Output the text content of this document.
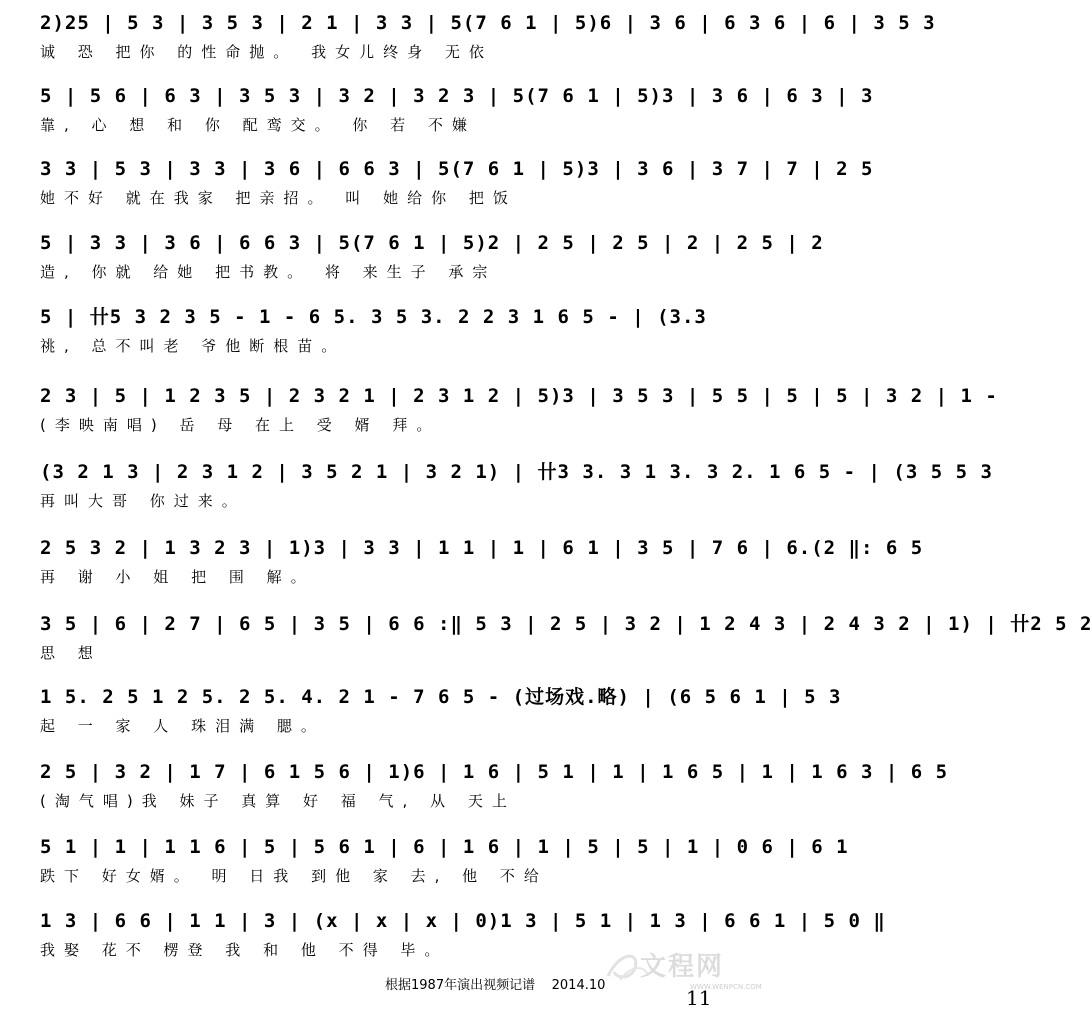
2)25 | 5 3 | 3 5 3 | 2 1 | 3 3 | 5(7 6 1 | 5)6 | 3 6 | 6 3 6 | 6 | 3 5 3
诚 恐 把你 的性命抛。 我女儿终身 无依
5 | 5 6 | 6 3 | 3 5 3 | 3 2 | 3 2 3 | 5(7 6 1 | 5)3 | 3 6 | 6 3 | 3
靠, 心 想 和 你 配鸾交。 你 若 不嫌
3 3 | 5 3 | 3 3 | 3 6 | 6 6 3 | 5(7 6 1 | 5)3 | 3 6 | 3 7 | 7 | 2 5
她不好 就在我家 把亲招。 叫 她给你 把饭
5 | 3 3 | 3 6 | 6 6 3 | 5(7 6 1 | 5)2 | 2 5 | 2 5 | 2 | 2 5 | 2
造, 你就 给她 把书教。 将 来生子 承宗
5 | 卄5 3 2 3 5 - 1 - 6 5. 3 5 3. 2 2 3 1 6 5 - | (3.3
祧, 总不叫老 爷他断根苗。
2 3 | 5 | 1 2 3 5 | 2 3 2 1 | 2 3 1 2 | 5)3 | 3 5 3 | 5 5 | 5 | 5 | 3 2 | 1 -
(李映南唱) 岳 母 在上 受 婿 拜。
(3 2 1 3 | 2 3 1 2 | 3 5 2 1 | 3 2 1) | 卄3 3. 3 1 3. 3 2. 1 6 5 - | (3 5 5 3
再叫大哥 你过来。
2 5 3 2 | 1 3 2 3 | 1)3 | 3 3 | 1 1 | 1 | 6 1 | 3 5 | 7 6 | 6.(2 ‖: 6 5
再 谢 小 姐 把 围 解。
3 5 | 6 | 2 7 | 6 5 | 3 5 | 6 6 :‖ 5 3 | 2 5 | 3 2 | 1 2 4 3 | 2 4 3 2 | 1) | 卄2 5 2
思 想
1 5. 2 5 1 2 5. 2 5. 4. 2 1 - 7 6 5 - (过场戏.略) | (6 5 6 1 | 5 3
起 一 家 人 珠泪满 腮。
2 5 | 3 2 | 1 7 | 6 1 5 6 | 1)6 | 1 6 | 5 1 | 1 | 1 6 5 | 1 | 1 6 3 | 6 5
(淘气唱)我 妹子 真算 好 福 气, 从 天上
5 1 | 1 | 1 1 6 | 5 | 5 6 1 | 6 | 1 6 | 1 | 5 | 5 | 1 | 0 6 | 6 1
跌下 好女婿。 明 日我 到他 家 去, 他 不给
1 3 | 6 6 | 1 1 | 3 | (x | x | x | 0)1 3 | 5 1 | 1 3 | 6 6 1 | 5 0 ‖
我娶 花不 楞登 我 和 他 不得 毕。
文程网
WWW.WENPCN.COM
根据1987年演出视频记谱 2014.10
11
